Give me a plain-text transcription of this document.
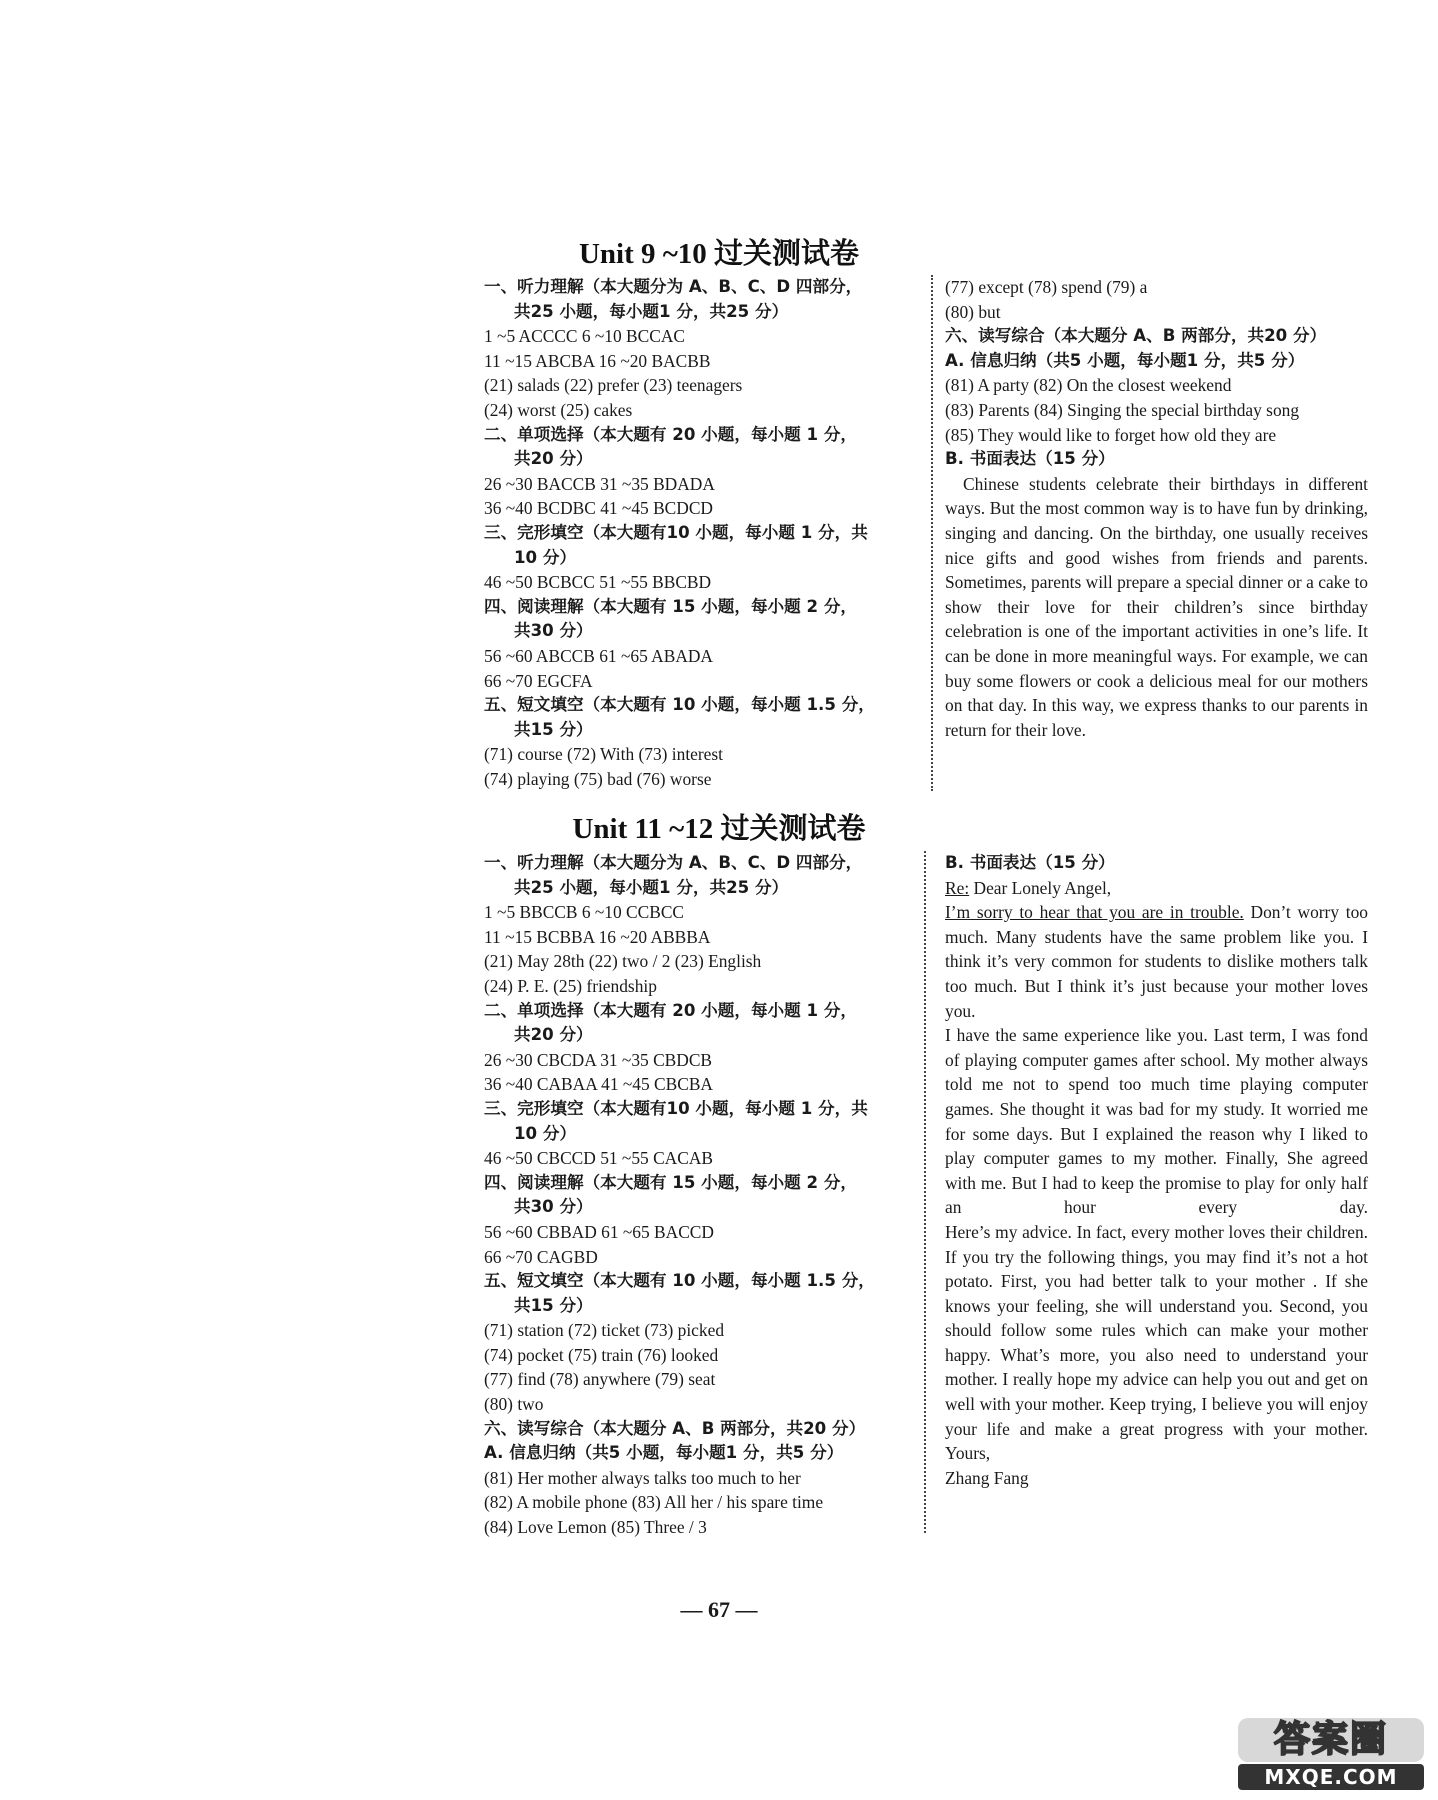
Unit 9 ~10 过关测试卷
一、听力理解（本大题分为 A、B、C、D 四部分，
共25 小题，每小题1 分，共25 分）
1 ~5 ACCCC 6 ~10 BCCAC
11 ~15 ABCBA 16 ~20 BACBB
(21) salads (22) prefer (23) teenagers
(24) worst (25) cakes
二、单项选择（本大题有 20 小题，每小题 1 分，
共20 分）
26 ~30 BACCB 31 ~35 BDADA
36 ~40 BCDBC 41 ~45 BCDCD
三、完形填空（本大题有10 小题，每小题 1 分，共
10 分）
46 ~50 BCBCC 51 ~55 BBCBD
四、阅读理解（本大题有 15 小题，每小题 2 分，
共30 分）
56 ~60 ABCCB 61 ~65 ABADA
66 ~70 EGCFA
五、短文填空（本大题有 10 小题，每小题 1.5 分，
共15 分）
(71) course (72) With (73) interest
(74) playing (75) bad (76) worse
(77) except (78) spend (79) a
(80) but
六、读写综合（本大题分 A、B 两部分，共20 分）
A. 信息归纳（共5 小题，每小题1 分，共5 分）
(81) A party (82) On the closest weekend
(83) Parents (84) Singing the special birthday song
(85) They would like to forget how old they are
B. 书面表达（15 分）
Chinese students celebrate their birthdays in different ways. But the most common way is to have fun by drinking, singing and dancing. On the birthday, one usually receives nice gifts and good wishes from friends and parents. Sometimes, parents will prepare a special dinner or a cake to show their love for their children’s since birthday celebration is one of the important activities in one’s life. It can be done in more meaningful ways. For example, we can buy some flowers or cook a delicious meal for our mothers on that day. In this way, we express thanks to our parents in return for their love.
Unit 11 ~12 过关测试卷
一、听力理解（本大题分为 A、B、C、D 四部分，
共25 小题，每小题1 分，共25 分）
1 ~5 BBCCB 6 ~10 CCBCC
11 ~15 BCBBA 16 ~20 ABBBA
(21) May 28th (22) two / 2 (23) English
(24) P. E. (25) friendship
二、单项选择（本大题有 20 小题，每小题 1 分，
共20 分）
26 ~30 CBCDA 31 ~35 CBDCB
36 ~40 CABAA 41 ~45 CBCBA
三、完形填空（本大题有10 小题，每小题 1 分，共
10 分）
46 ~50 CBCCD 51 ~55 CACAB
四、阅读理解（本大题有 15 小题，每小题 2 分，
共30 分）
56 ~60 CBBAD 61 ~65 BACCD
66 ~70 CAGBD
五、短文填空（本大题有 10 小题，每小题 1.5 分，
共15 分）
(71) station (72) ticket (73) picked
(74) pocket (75) train (76) looked
(77) find (78) anywhere (79) seat
(80) two
六、读写综合（本大题分 A、B 两部分，共20 分）
A. 信息归纳（共5 小题，每小题1 分，共5 分）
(81) Her mother always talks too much to her
(82) A mobile phone (83) All her / his spare time
(84) Love Lemon (85) Three / 3
B. 书面表达（15 分）
Re: Dear Lonely Angel,
I’m sorry to hear that you are in trouble. Don’t worry too much. Many students have the same problem like you. I think it’s very common for students to dislike mothers talk too much. But I think it’s just because your mother loves you.
I have the same experience like you. Last term, I was fond of playing computer games after school. My mother always told me not to spend too much time playing computer games. She thought it was bad for my study. It worried me for some days. But I explained the reason why I liked to play computer games to my mother. Finally, She agreed with me. But I had to keep the promise to play for only half an hour every day.
Here’s my advice. In fact, every mother loves their children. If you try the following things, you may find it’s not a hot potato. First, you had better talk to your mother . If she knows your feeling, she will understand you. Second, you should follow some rules which can make your mother happy. What’s more, you also need to understand your mother. I really hope my advice can help you out and get on well with your mother. Keep trying, I believe you will enjoy your life and make a great progress with your mother.
Yours,
Zhang Fang
— 67 —
答案圈
MXQE.COM
